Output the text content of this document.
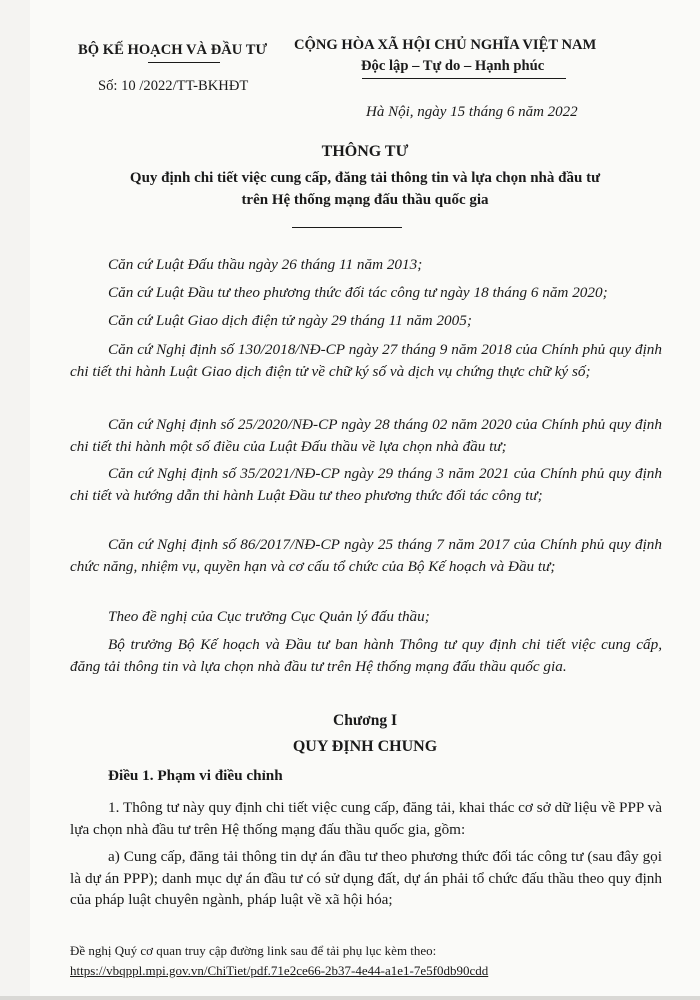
BỘ KẾ HOẠCH VÀ ĐẦU TƯ
Số: 10 /2022/TT-BKHĐT
CỘNG HÒA XÃ HỘI CHỦ NGHĨA VIỆT NAM
Độc lập – Tự do – Hạnh phúc
Hà Nội, ngày 15 tháng 6 năm 2022
THÔNG TƯ
Quy định chi tiết việc cung cấp, đăng tải thông tin và lựa chọn nhà đầu tư
trên Hệ thống mạng đấu thầu quốc gia
Căn cứ Luật Đấu thầu ngày 26 tháng 11 năm 2013;
Căn cứ Luật Đầu tư theo phương thức đối tác công tư ngày 18 tháng 6 năm 2020;
Căn cứ Luật Giao dịch điện tử ngày 29 tháng 11 năm 2005;
Căn cứ Nghị định số 130/2018/NĐ-CP ngày 27 tháng 9 năm 2018 của Chính phủ quy định chi tiết thi hành Luật Giao dịch điện tử về chữ ký số và dịch vụ chứng thực chữ ký số;
Căn cứ Nghị định số 25/2020/NĐ-CP ngày 28 tháng 02 năm 2020 của Chính phủ quy định chi tiết thi hành một số điều của Luật Đấu thầu về lựa chọn nhà đầu tư;
Căn cứ Nghị định số 35/2021/NĐ-CP ngày 29 tháng 3 năm 2021 của Chính phủ quy định chi tiết và hướng dẫn thi hành Luật Đầu tư theo phương thức đối tác công tư;
Căn cứ Nghị định số 86/2017/NĐ-CP ngày 25 tháng 7 năm 2017 của Chính phủ quy định chức năng, nhiệm vụ, quyền hạn và cơ cấu tổ chức của Bộ Kế hoạch và Đầu tư;
Theo đề nghị của Cục trưởng Cục Quản lý đấu thầu;
Bộ trưởng Bộ Kế hoạch và Đầu tư ban hành Thông tư quy định chi tiết việc cung cấp, đăng tải thông tin và lựa chọn nhà đầu tư trên Hệ thống mạng đấu thầu quốc gia.
Chương I
QUY ĐỊNH CHUNG
Điều 1. Phạm vi điều chỉnh
1. Thông tư này quy định chi tiết việc cung cấp, đăng tải, khai thác cơ sở dữ liệu về PPP và lựa chọn nhà đầu tư trên Hệ thống mạng đấu thầu quốc gia, gồm:
a) Cung cấp, đăng tải thông tin dự án đầu tư theo phương thức đối tác công tư (sau đây gọi là dự án PPP); danh mục dự án đầu tư có sử dụng đất, dự án phải tổ chức đấu thầu theo quy định của pháp luật chuyên ngành, pháp luật về xã hội hóa;
Đề nghị Quý cơ quan truy cập đường link sau để tải phụ lục kèm theo:
https://vbqppl.mpi.gov.vn/ChiTiet/pdf.71e2ce66-2b37-4e44-a1e1-7e5f0db90cdd
